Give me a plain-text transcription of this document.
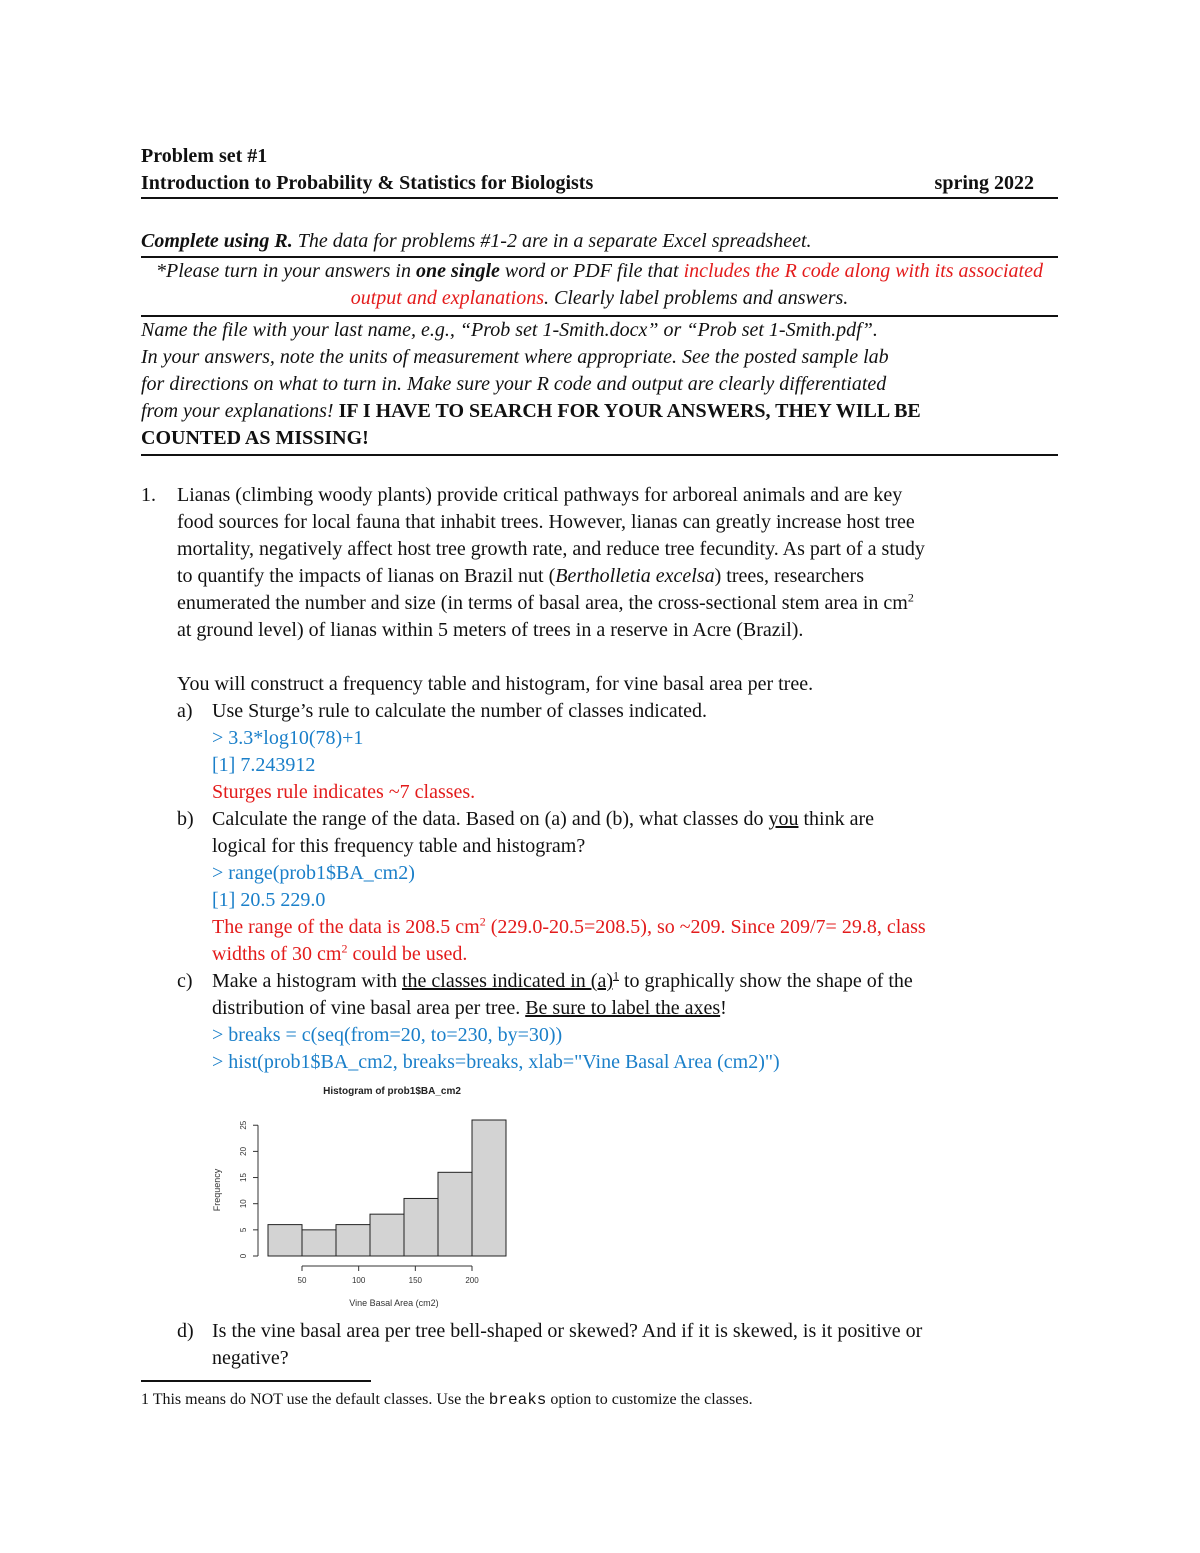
Problem set #1
Introduction to Probability & Statistics for Biologists	spring 2022
Complete using R. The data for problems #1-2 are in a separate Excel spreadsheet.
*Please turn in your answers in one single word or PDF file that includes the R code along with its associated output and explanations. Clearly label problems and answers.
Name the file with your last name, e.g., “Prob set 1-Smith.docx” or “Prob set 1-Smith.pdf”.
In your answers, note the units of measurement where appropriate. See the posted sample lab
for directions on what to turn in. Make sure your R code and output are clearly differentiated
from your explanations! IF I HAVE TO SEARCH FOR YOUR ANSWERS, THEY WILL BE
COUNTED AS MISSING!
1. Lianas (climbing woody plants) provide critical pathways for arboreal animals and are key
food sources for local fauna that inhabit trees. However, lianas can greatly increase host tree
mortality, negatively affect host tree growth rate, and reduce tree fecundity. As part of a study
to quantify the impacts of lianas on Brazil nut (Bertholletia excelsa) trees, researchers
enumerated the number and size (in terms of basal area, the cross-sectional stem area in $cm^2$
at ground level) of lianas within 5 meters of trees in a reserve in Acre (Brazil).
You will construct a frequency table and histogram, for vine basal area per tree.
a) Use Sturge’s rule to calculate the number of classes indicated.
> 3.3*log10(78)+1
[1] 7.243912
Sturges rule indicates ~7 classes.
b) Calculate the range of the data. Based on (a) and (b), what classes do you think are
logical for this frequency table and histogram?
> range(prob1$BA_cm2)
[1] 20.5 229.0
The range of the data is 208.5 $cm^2$ (229.0-20.5=208.5), so ~209. Since 209/7= 29.8, class
widths of 30 $cm^2$ could be used.
c) Make a histogram with the classes indicated in $(a)^1$ to graphically show the shape of the
distribution of vine basal area per tree. Be sure to label the axes!
> breaks = c(seq(from=20, to=230, by=30))
> hist(prob1$BA_cm2, breaks=breaks, xlab="Vine Basal Area (cm2)")
d) Is the vine basal area per tree bell-shaped or skewed? And if it is skewed, is it positive or
negative?
Histogram of prob1$BA_cm2
Frequency
Vine Basal Area (cm2)
0
5
10
15
20
25
50	100	150	200
1 This means do NOT use the default classes. Use the breaks option to customize the classes.
